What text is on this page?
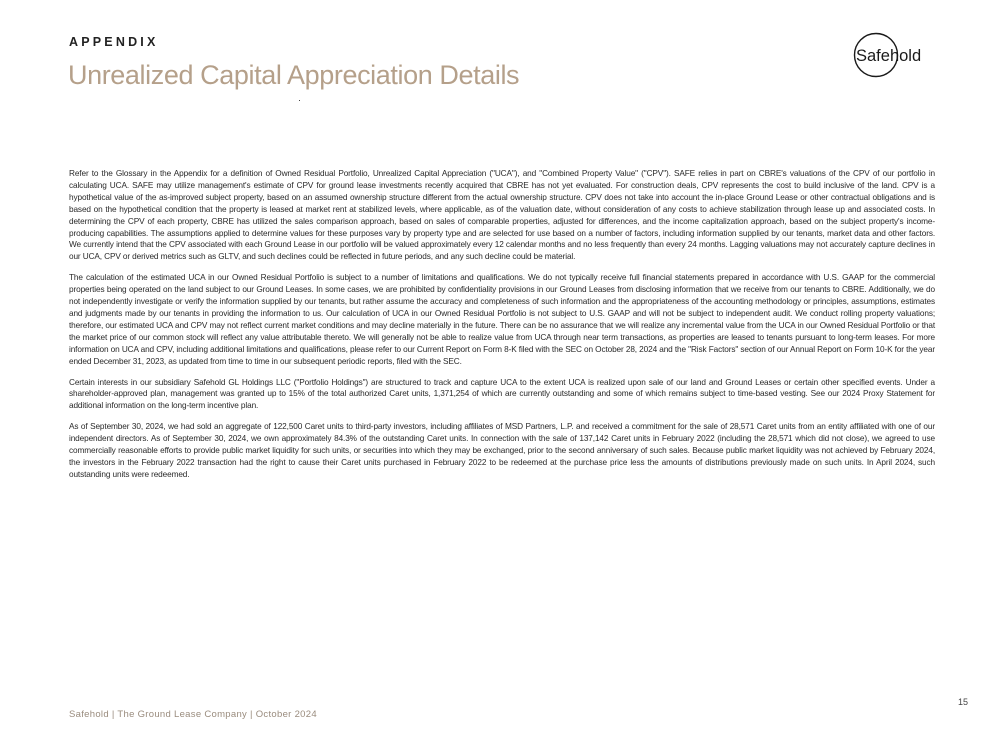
APPENDIX
Unrealized Capital Appreciation Details
Safehold

Refer to the Glossary in the Appendix for a definition of Owned Residual Portfolio, Unrealized Capital Appreciation ("UCA"), and "Combined Property Value" ("CPV"). SAFE relies in part on CBRE's valuations of the CPV of our portfolio in calculating UCA. SAFE may utilize management's estimate of CPV for ground lease investments recently acquired that CBRE has not yet evaluated. For construction deals, CPV represents the cost to build inclusive of the land. CPV is a hypothetical value of the as-improved subject property, based on an assumed ownership structure different from the actual ownership structure. CPV does not take into account the in-place Ground Lease or other contractual obligations and is based on the hypothetical condition that the property is leased at market rent at stabilized levels, where applicable, as of the valuation date, without consideration of any costs to achieve stabilization through lease up and associated costs. In determining the CPV of each property, CBRE has utilized the sales comparison approach, based on sales of comparable properties, adjusted for differences, and the income capitalization approach, based on the subject property's income-producing capabilities. The assumptions applied to determine values for these purposes vary by property type and are selected for use based on a number of factors, including information supplied by our tenants, market data and other factors. We currently intend that the CPV associated with each Ground Lease in our portfolio will be valued approximately every 12 calendar months and no less frequently than every 24 months. Lagging valuations may not accurately capture declines in our UCA, CPV or derived metrics such as GLTV, and such declines could be reflected in future periods, and any such decline could be material.

The calculation of the estimated UCA in our Owned Residual Portfolio is subject to a number of limitations and qualifications. We do not typically receive full financial statements prepared in accordance with U.S. GAAP for the commercial properties being operated on the land subject to our Ground Leases. In some cases, we are prohibited by confidentiality provisions in our Ground Leases from disclosing information that we receive from our tenants to CBRE. Additionally, we do not independently investigate or verify the information supplied by our tenants, but rather assume the accuracy and completeness of such information and the appropriateness of the accounting methodology or principles, assumptions, estimates and judgments made by our tenants in providing the information to us. Our calculation of UCA in our Owned Residual Portfolio is not subject to U.S. GAAP and will not be subject to independent audit. We conduct rolling property valuations; therefore, our estimated UCA and CPV may not reflect current market conditions and may decline materially in the future. There can be no assurance that we will realize any incremental value from the UCA in our Owned Residual Portfolio or that the market price of our common stock will reflect any value attributable thereto. We will generally not be able to realize value from UCA through near term transactions, as properties are leased to tenants pursuant to long-term leases. For more information on UCA and CPV, including additional limitations and qualifications, please refer to our Current Report on Form 8-K filed with the SEC on October 28, 2024 and the "Risk Factors" section of our Annual Report on Form 10-K for the year ended December 31, 2023, as updated from time to time in our subsequent periodic reports, filed with the SEC.

Certain interests in our subsidiary Safehold GL Holdings LLC ("Portfolio Holdings") are structured to track and capture UCA to the extent UCA is realized upon sale of our land and Ground Leases or certain other specified events. Under a shareholder-approved plan, management was granted up to 15% of the total authorized Caret units, 1,371,254 of which are currently outstanding and some of which remains subject to time-based vesting. See our 2024 Proxy Statement for additional information on the long-term incentive plan.

As of September 30, 2024, we had sold an aggregate of 122,500 Caret units to third-party investors, including affiliates of MSD Partners, L.P. and received a commitment for the sale of 28,571 Caret units from an entity affiliated with one of our independent directors. As of September 30, 2024, we own approximately 84.3% of the outstanding Caret units. In connection with the sale of 137,142 Caret units in February 2022 (including the 28,571 which did not close), we agreed to use commercially reasonable efforts to provide public market liquidity for such units, or securities into which they may be exchanged, prior to the second anniversary of such sales. Because public market liquidity was not achieved by February 2024, the investors in the February 2022 transaction had the right to cause their Caret units purchased in February 2022 to be redeemed at the purchase price less the amounts of distributions previously made on such units. In April 2024, such outstanding units were redeemed.

Safehold | The Ground Lease Company | October 2024
15
